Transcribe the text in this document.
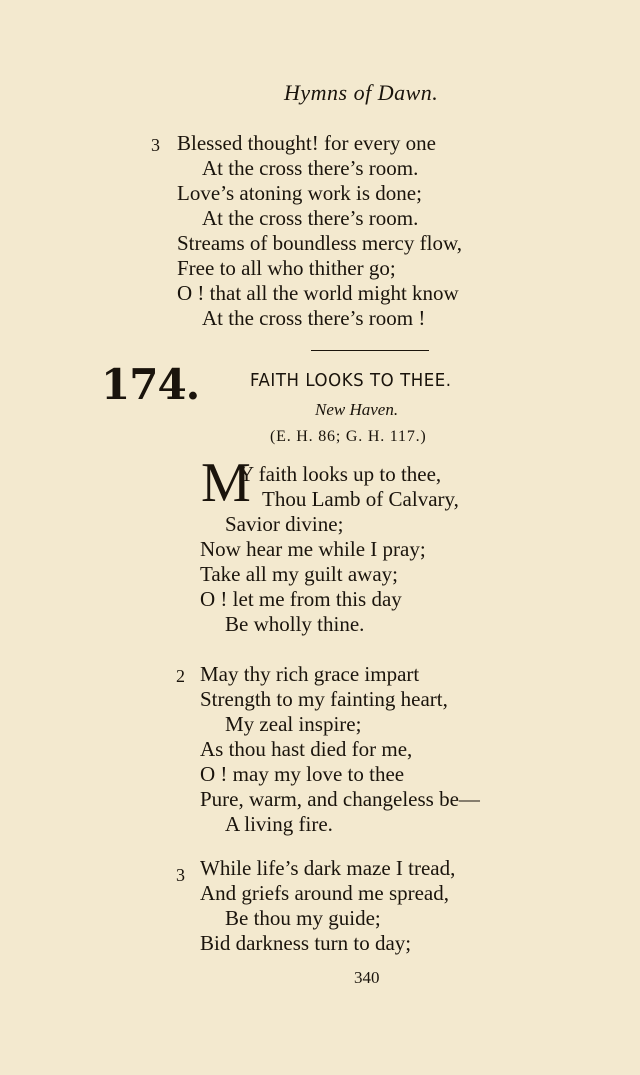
Hymns of Dawn.
3 Blessed thought! for every one
At the cross there’s room.
Love’s atoning work is done;
At the cross there’s room.
Streams of boundless mercy flow,
Free to all who thither go;
O ! that all the world might know
At the cross there’s room !
174.	FAITH LOOKS TO THEE.
New Haven.
(E. H. 86; G. H. 117.)
M
Y faith looks up to thee,
Thou Lamb of Calvary,
Savior divine;
Now hear me while I pray;
Take all my guilt away;
O ! let me from this day
Be wholly thine.
2 May thy rich grace impart
Strength to my fainting heart,
My zeal inspire;
As thou hast died for me,
O ! may my love to thee
Pure, warm, and changeless be—
A living fire.
3 While life’s dark maze I tread,
And griefs around me spread,
Be thou my guide;
Bid darkness turn to day;
340
